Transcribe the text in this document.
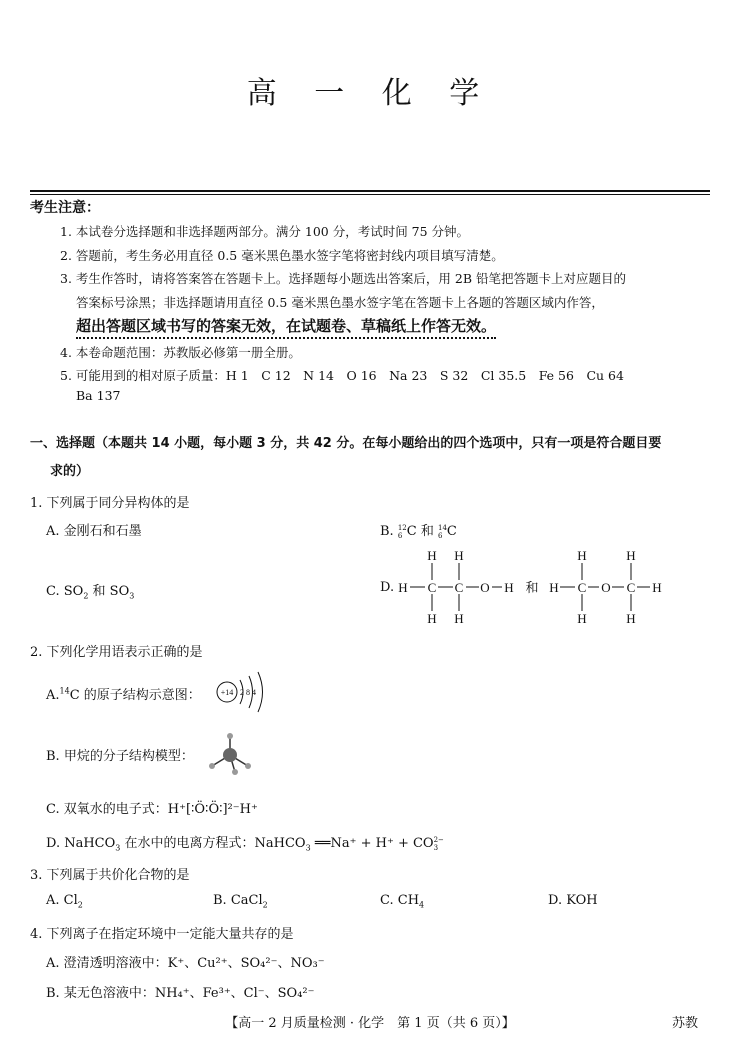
高 一 化 学
考生注意：
1. 本试卷分选择题和非选择题两部分。满分 100 分，考试时间 75 分钟。
2. 答题前，考生务必用直径 0.5 毫米黑色墨水签字笔将密封线内项目填写清楚。
3. 考生作答时，请将答案答在答题卡上。选择题每小题选出答案后，用 2B 铅笔把答题卡上对应题目的
答案标号涂黑；非选择题请用直径 0.5 毫米黑色墨水签字笔在答题卡上各题的答题区域内作答，
超出答题区域书写的答案无效，在试题卷、草稿纸上作答无效。
4. 本卷命题范围：苏教版必修第一册全册。
5. 可能用到的相对原子质量：H 1　C 12　N 14　O 16　Na 23　S 32　Cl 35.5　Fe 56　Cu 64
Ba 137
一、选择题（本题共 14 小题，每小题 3 分，共 42 分。在每小题给出的四个选项中，只有一项是符合题目要
求的）
1. 下列属于同分异构体的是
A. 金刚石和石墨	B. 12
6 C 和 14
6 C
C. $SO_2$ 和 $SO_3$
D. H C C O H
H H
H H
和 H C O C H
H	H
H	H
2. 下列化学用语表示正确的是
A.$^{14}$C 的原子结构示意图： +14 2 8 4
B. 甲烷的分子结构模型：
C. 双氧水的电子式：H⁺[∶Ö∶Ö∶]²⁻H⁺
D. NaHCO$_3$ 在水中的电离方程式：NaHCO$_3$ ══Na⁺ + H⁺ + CO 2−
3
3. 下列属于共价化合物的是
A. $Cl_2$	B. CaCl$_2$	C. $CH_4$	D. KOH
4. 下列离子在指定环境中一定能大量共存的是
A. 澄清透明溶液中：K⁺、Cu²⁺、SO₄²⁻、NO₃⁻
B. 某无色溶液中：NH₄⁺、Fe³⁺、Cl⁻、SO₄²⁻
【高一 2 月质量检测 · 化学　第 1 页（共 6 页）】	苏教
